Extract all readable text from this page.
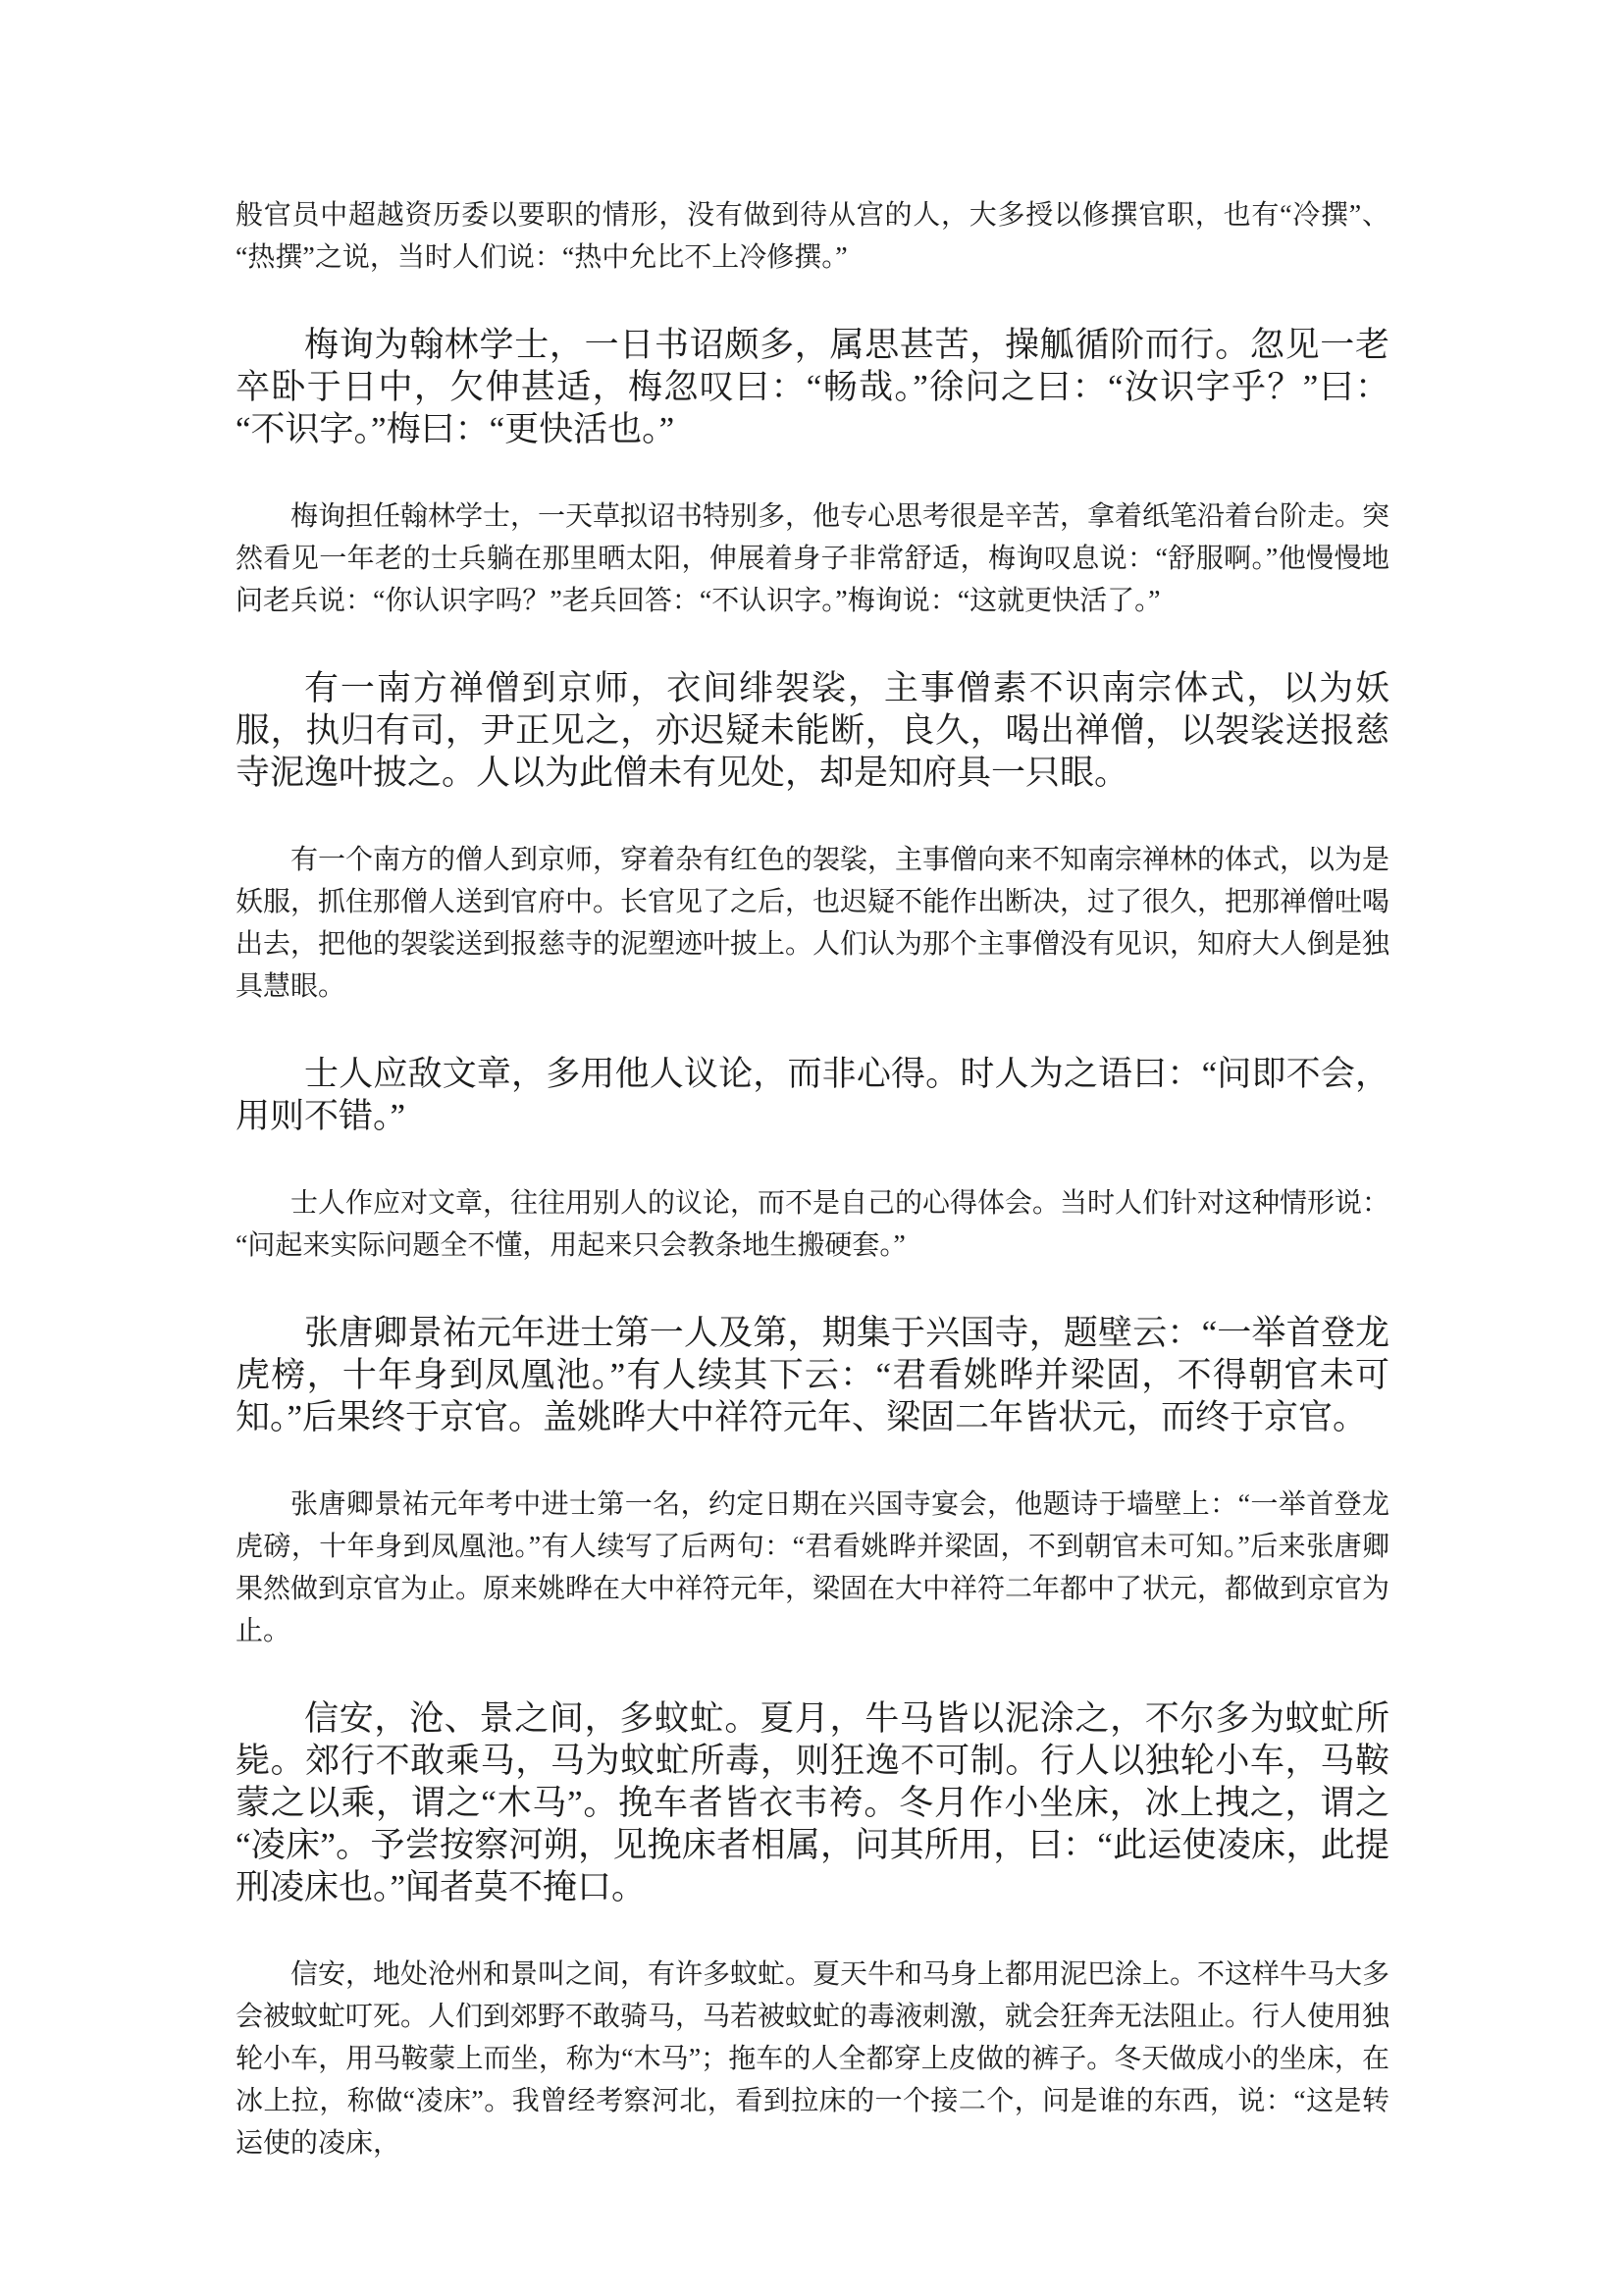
般官员中超越资历委以要职的情形，没有做到待从宫的人，大多授以修撰官职，也有“冷撰”、“热撰”之说，当时人们说：“热中允比不上冷修撰。”

梅询为翰林学士，一日书诏颇多，属思甚苦，操觚循阶而行。忽见一老卒卧于日中，欠伸甚适，梅忽叹曰：“畅哉。”徐问之曰：“汝识字乎？”曰：“不识字。”梅曰：“更快活也。”

梅询担任翰林学士，一天草拟诏书特别多，他专心思考很是辛苦，拿着纸笔沿着台阶走。突然看见一年老的士兵躺在那里晒太阳，伸展着身子非常舒适，梅询叹息说：“舒服啊。”他慢慢地问老兵说：“你认识字吗？”老兵回答：“不认识字。”梅询说：“这就更快活了。”

有一南方禅僧到京师，衣间绯袈裟，主事僧素不识南宗体式，以为妖服，执归有司，尹正见之，亦迟疑未能断，良久，喝出禅僧，以袈裟送报慈寺泥逸叶披之。人以为此僧未有见处，却是知府具一只眼。

有一个南方的僧人到京师，穿着杂有红色的袈裟，主事僧向来不知南宗禅林的体式，以为是妖服，抓住那僧人送到官府中。长官见了之后，也迟疑不能作出断决，过了很久，把那禅僧吐喝出去，把他的袈裟送到报慈寺的泥塑迹叶披上。人们认为那个主事僧没有见识，知府大人倒是独具慧眼。

士人应敌文章，多用他人议论，而非心得。时人为之语曰：“问即不会，用则不错。”

士人作应对文章，往往用别人的议论，而不是自己的心得体会。当时人们针对这种情形说：“问起来实际问题全不懂，用起来只会教条地生搬硬套。”

张唐卿景祐元年进士第一人及第，期集于兴国寺，题壁云：“一举首登龙虎榜，十年身到凤凰池。”有人续其下云：“君看姚晔并梁固，不得朝官未可知。”后果终于京官。盖姚晔大中祥符元年、梁固二年皆状元，而终于京官。

张唐卿景祐元年考中进士第一名，约定日期在兴国寺宴会，他题诗于墙壁上：“一举首登龙虎磅，十年身到凤凰池。”有人续写了后两句：“君看姚晔并梁固，不到朝官未可知。”后来张唐卿果然做到京官为止。原来姚晔在大中祥符元年，梁固在大中祥符二年都中了状元，都做到京官为止。

信安，沧、景之间，多蚊虻。夏月，牛马皆以泥涂之，不尔多为蚊虻所毙。郊行不敢乘马，马为蚊虻所毒，则狂逸不可制。行人以独轮小车，马鞍蒙之以乘，谓之“木马”。挽车者皆衣韦袴。冬月作小坐床，冰上拽之，谓之“凌床”。予尝按察河朔，见挽床者相属，问其所用，曰：“此运使凌床，此提刑凌床也。”闻者莫不掩口。

信安，地处沧州和景叫之间，有许多蚊虻。夏天牛和马身上都用泥巴涂上。不这样牛马大多会被蚊虻叮死。人们到郊野不敢骑马，马若被蚊虻的毒液刺激，就会狂奔无法阻止。行人使用独轮小车，用马鞍蒙上而坐，称为“木马”；拖车的人全都穿上皮做的裤子。冬天做成小的坐床，在冰上拉，称做“凌床”。我曾经考察河北，看到拉床的一个接二个，问是谁的东西，说：“这是转运使的凌床，
